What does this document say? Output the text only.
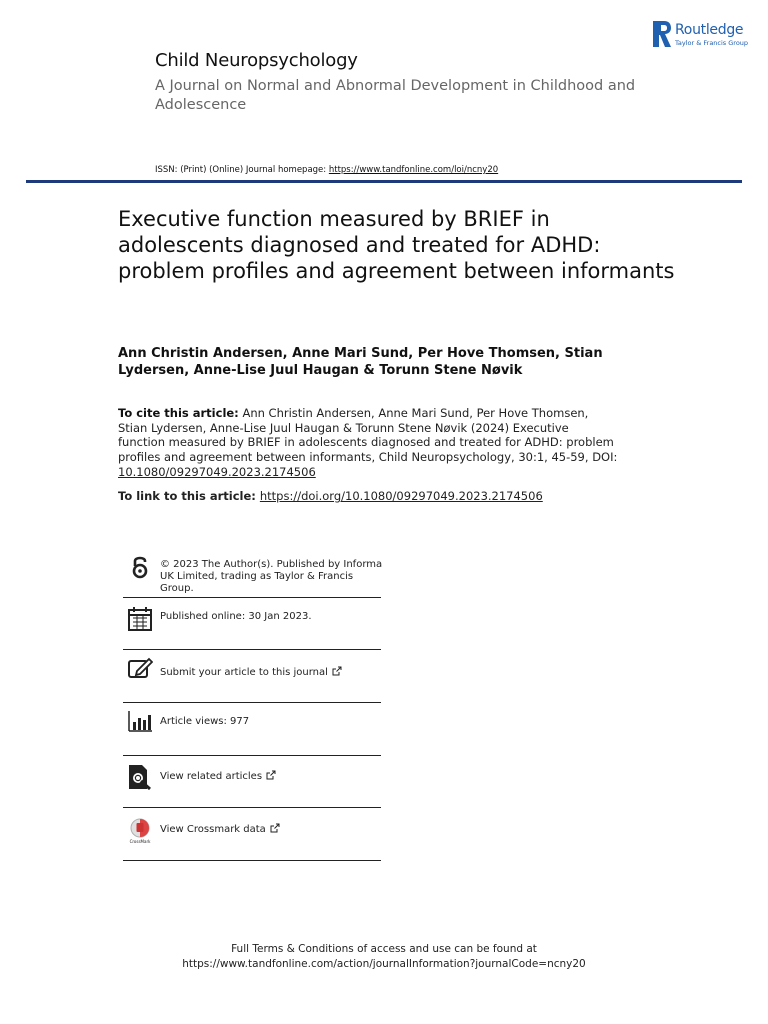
Routledge
Taylor & Francis Group
Child Neuropsychology
A Journal on Normal and Abnormal Development in Childhood and Adolescence
ISSN: (Print) (Online) Journal homepage: https://www.tandfonline.com/loi/ncny20
Executive function measured by BRIEF in adolescents diagnosed and treated for ADHD: problem profiles and agreement between informants
Ann Christin Andersen, Anne Mari Sund, Per Hove Thomsen, Stian Lydersen, Anne-Lise Juul Haugan & Torunn Stene Nøvik
To cite this article: Ann Christin Andersen, Anne Mari Sund, Per Hove Thomsen, Stian Lydersen, Anne-Lise Juul Haugan & Torunn Stene Nøvik (2024) Executive function measured by BRIEF in adolescents diagnosed and treated for ADHD: problem profiles and agreement between informants, Child Neuropsychology, 30:1, 45-59, DOI: 10.1080/09297049.2023.2174506
To link to this article: https://doi.org/10.1080/09297049.2023.2174506
© 2023 The Author(s). Published by Informa UK Limited, trading as Taylor & Francis Group.
Published online: 30 Jan 2023.
Submit your article to this journal
Article views: 977
View related articles
CrossMark
View Crossmark data
Full Terms & Conditions of access and use can be found at
https://www.tandfonline.com/action/journalInformation?journalCode=ncny20
